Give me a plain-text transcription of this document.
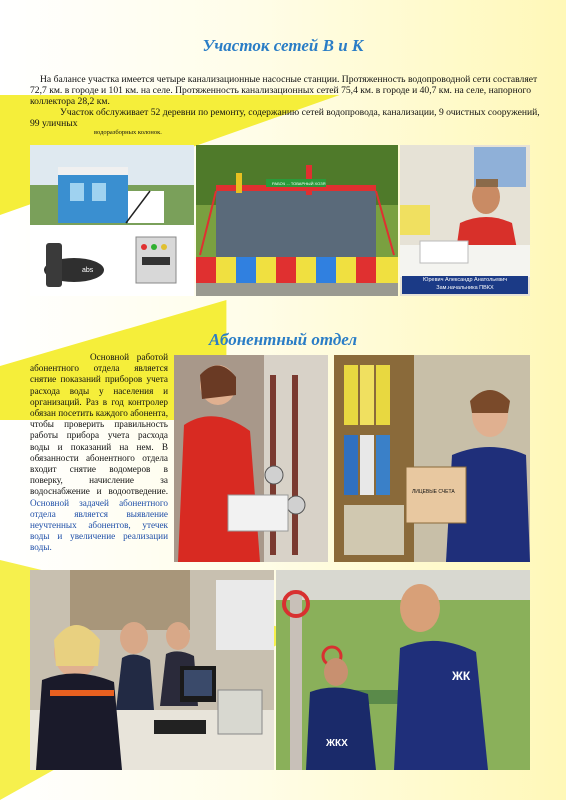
Участок сетей В и К

На балансе участка имеется четыре канализационные насосные станции. Протяженность водопроводной сети составляет 72,7 км. в городе и 101 км. на селе. Протяженность канализационных сетей 75,4 км. в городе и 40,7 км. на селе, напорного коллектора 28,2 км.

Участок обслуживает 52 деревни по ремонту, содержанию сетей водопровода, канализации, 9 очистных сооружений, 99 уличных

водоразборных колонок.
abs
РАБОЧ ... ТОВАРНЫЙ ХОЗЯ
Юревич Александр Анатольевич
Зам.начальника ПВКХ
Абонентный отдел
Основной работой абонентного отдела является снятие показаний приборов учета расхода воды у населения и организаций. Раз в год контролер обязан посетить каждого абонента, чтобы проверить правильность работы прибора учета расхода воды и показаний на нем. В обязанности абонентного отдела входит снятие водомеров в поверку, начисление за водоснабжение и водоотведение. Основной задачей абонентного отдела является выявление неучтенных абонентов, утечек воды и увеличение реализации воды.
ЛИЦЕВЫЕ СЧЕТА
ЖК
ЖКХ
